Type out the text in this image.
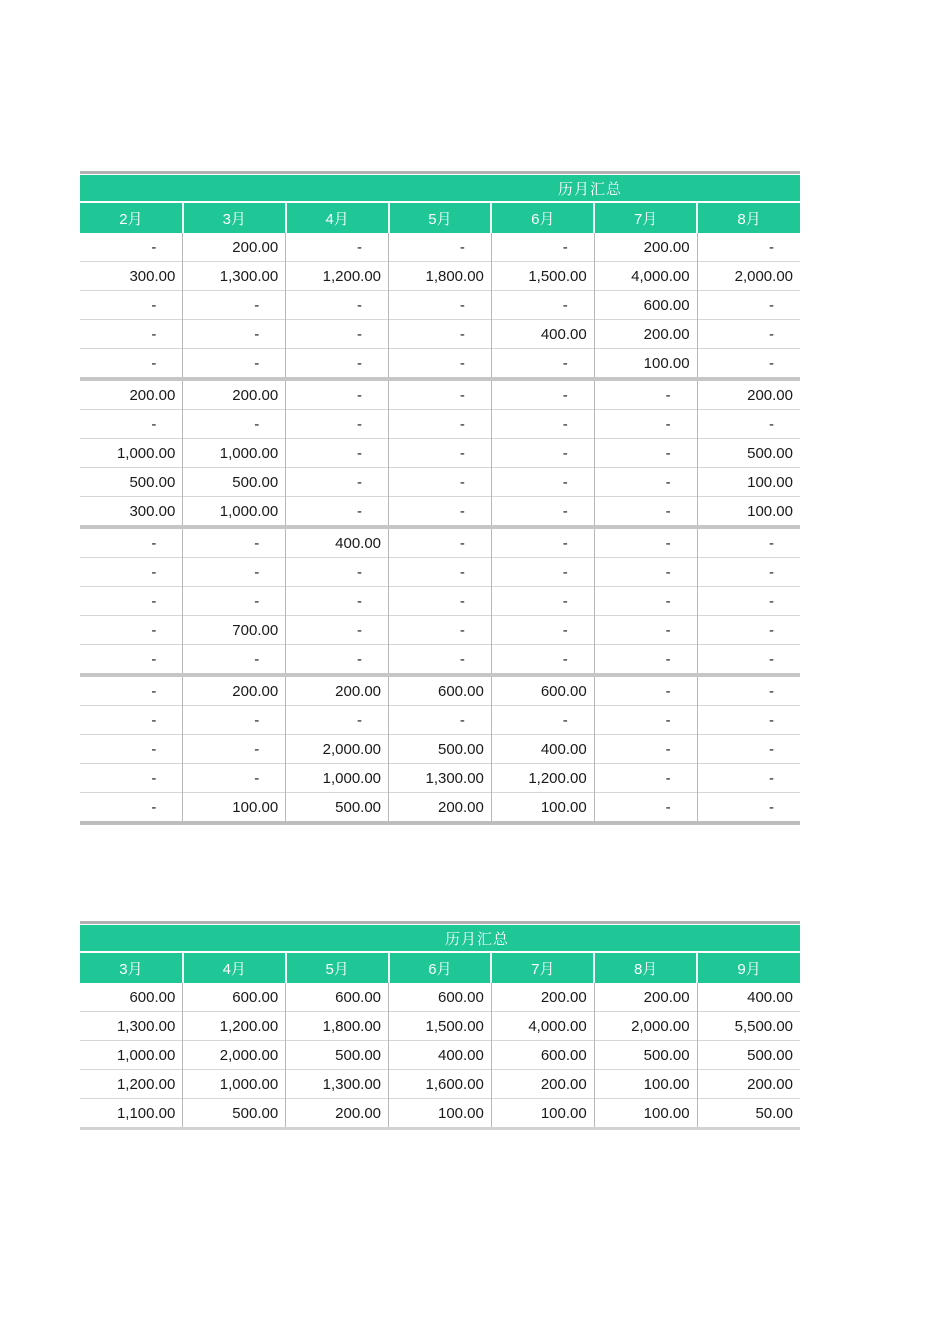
历月汇总
2月	3月	4月	5月	6月	7月	8月
-	200.00	-	-	-	200.00	-
300.00	1,300.00	1,200.00	1,800.00	1,500.00	4,000.00	2,000.00
-	-	-	-	-	600.00	-
-	-	-	-	400.00	200.00	-
-	-	-	-	-	100.00	-
200.00	200.00	-	-	-	-	200.00
-	-	-	-	-	-	-
1,000.00	1,000.00	-	-	-	-	500.00
500.00	500.00	-	-	-	-	100.00
300.00	1,000.00	-	-	-	-	100.00
-	-	400.00	-	-	-	-
-	-	-	-	-	-	-
-	-	-	-	-	-	-
-	700.00	-	-	-	-	-
-	-	-	-	-	-	-
-	200.00	200.00	600.00	600.00	-	-
-	-	-	-	-	-	-
-	-	2,000.00	500.00	400.00	-	-
-	-	1,000.00	1,300.00	1,200.00	-	-
-	100.00	500.00	200.00	100.00	-	-
历月汇总
3月	4月	5月	6月	7月	8月	9月
600.00	600.00	600.00	600.00	200.00	200.00	400.00
1,300.00	1,200.00	1,800.00	1,500.00	4,000.00	2,000.00	5,500.00
1,000.00	2,000.00	500.00	400.00	600.00	500.00	500.00
1,200.00	1,000.00	1,300.00	1,600.00	200.00	100.00	200.00
1,100.00	500.00	200.00	100.00	100.00	100.00	50.00
